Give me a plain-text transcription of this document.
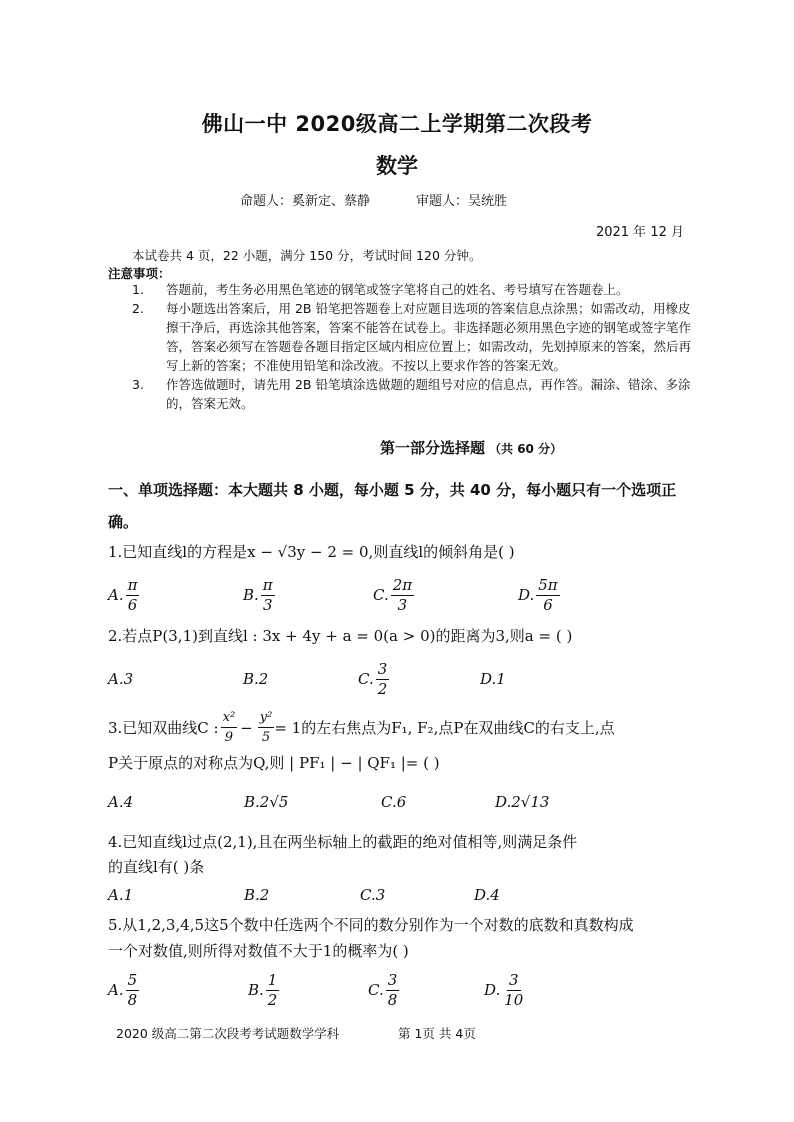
佛山一中 2020级高二上学期第二次段考
数学
命题人：奚新定、蔡静	审题人：吴统胜
2021 年 12 月
本试卷共 4 页，22 小题，满分 150 分，考试时间 120 分钟。
注意事项：
1.	答题前，考生务必用黑色笔迹的钢笔或签字笔将自己的姓名、考号填写在答题卷上。
2.	每小题选出答案后，用 2B 铅笔把答题卷上对应题目选项的答案信息点涂黑；如需改动，用橡皮擦干净后，再选涂其他答案，答案不能答在试卷上。非选择题必须用黑色字迹的钢笔或签字笔作答，答案必须写在答题卷各题目指定区域内相应位置上；如需改动，先划掉原来的答案，然后再写上新的答案；不准使用铅笔和涂改液。不按以上要求作答的答案无效。
3.	作答选做题时，请先用 2B 铅笔填涂选做题的题组号对应的信息点，再作答。漏涂、错涂、多涂的，答案无效。
第一部分选择题 （共 60 分）
一、单项选择题：本大题共 8 小题，每小题 5 分，共 40 分，每小题只有一个选项正确。
1.已知直线l的方程是x − √3y − 2 = 0,则直线l的倾斜角是( )
A. $\frac{\pi}{6}$	B. $\frac{\pi}{3}$	C. $\frac{2\pi}{3}$	D. $\frac{5\pi}{6}$
2.若点P(3,1)到直线l : 3x + 4y + a = 0(a > 0)的距离为3,则a = ( )
A.3	B.2	C. $\frac{3}{2}$	D.1
3.已知双曲线C : $\frac{\text{x²}}{9} - \frac{\text{y²}}{5} = 1$的左右焦点为F₁, F₂,点P在双曲线C的右支上,点
P关于原点的对称点为Q,则 | PF₁ | − | QF₁ |= ( )
A.4	B.2√5	C.6	D.2√13
4.已知直线l过点(2,1),且在两坐标轴上的截距的绝对值相等,则满足条件
的直线l有( )条
A.1	B.2	C.3	D.4
5.从1,2,3,4,5这5个数中任选两个不同的数分别作为一个对数的底数和真数构成
一个对数值,则所得对数值不大于1的概率为( )
A. $\frac{5}{8}$	B. $\frac{1}{2}$	C. $\frac{3}{8}$	D. $\frac{3}{10}$
2020 级高二第二次段考考试题数学学科	第 1页 共 4页
